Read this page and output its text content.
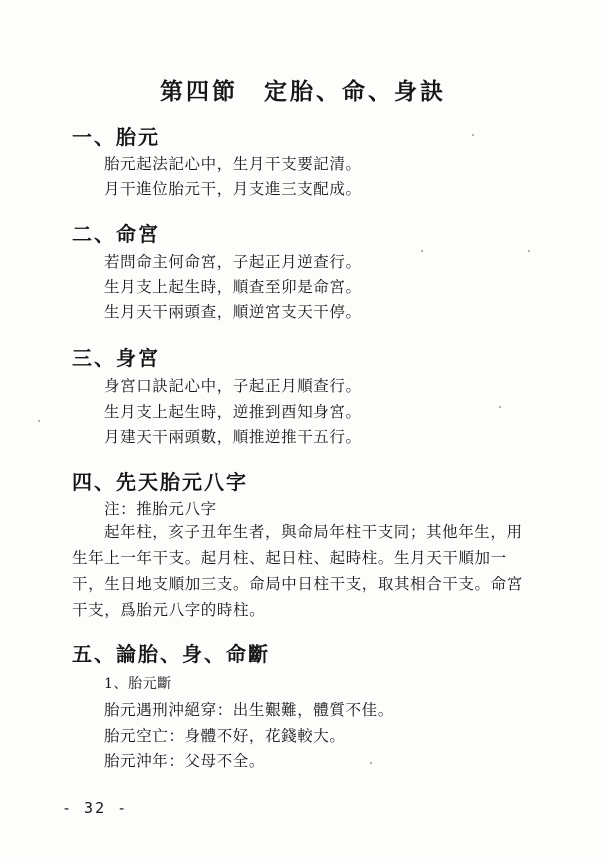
第四節　定胎、命、身訣
一、胎元
胎元起法記心中，生月干支要記清。
月干進位胎元干，月支進三支配成。
二、命宮
若問命主何命宮，子起正月逆查行。
生月支上起生時，順查至卯是命宮。
生月天干兩頭查，順逆宮支天干停。
三、身宮
身宮口訣記心中，子起正月順查行。
生月支上起生時，逆推到酉知身宮。
月建天干兩頭數，順推逆推干五行。
四、先天胎元八字
注：推胎元八字
起年柱，亥子丑年生者，與命局年柱干支同；其他年生，用生年上一年干支。起月柱、起日柱、起時柱。生月天干順加一干，生日地支順加三支。命局中日柱干支，取其相合干支。命宮干支，爲胎元八字的時柱。
五、論胎、身、命斷
1、胎元斷
胎元遇刑沖絕穿：出生艱難，體質不佳。
胎元空亡：身體不好，花錢較大。
胎元沖年：父母不全。
- 32 -
